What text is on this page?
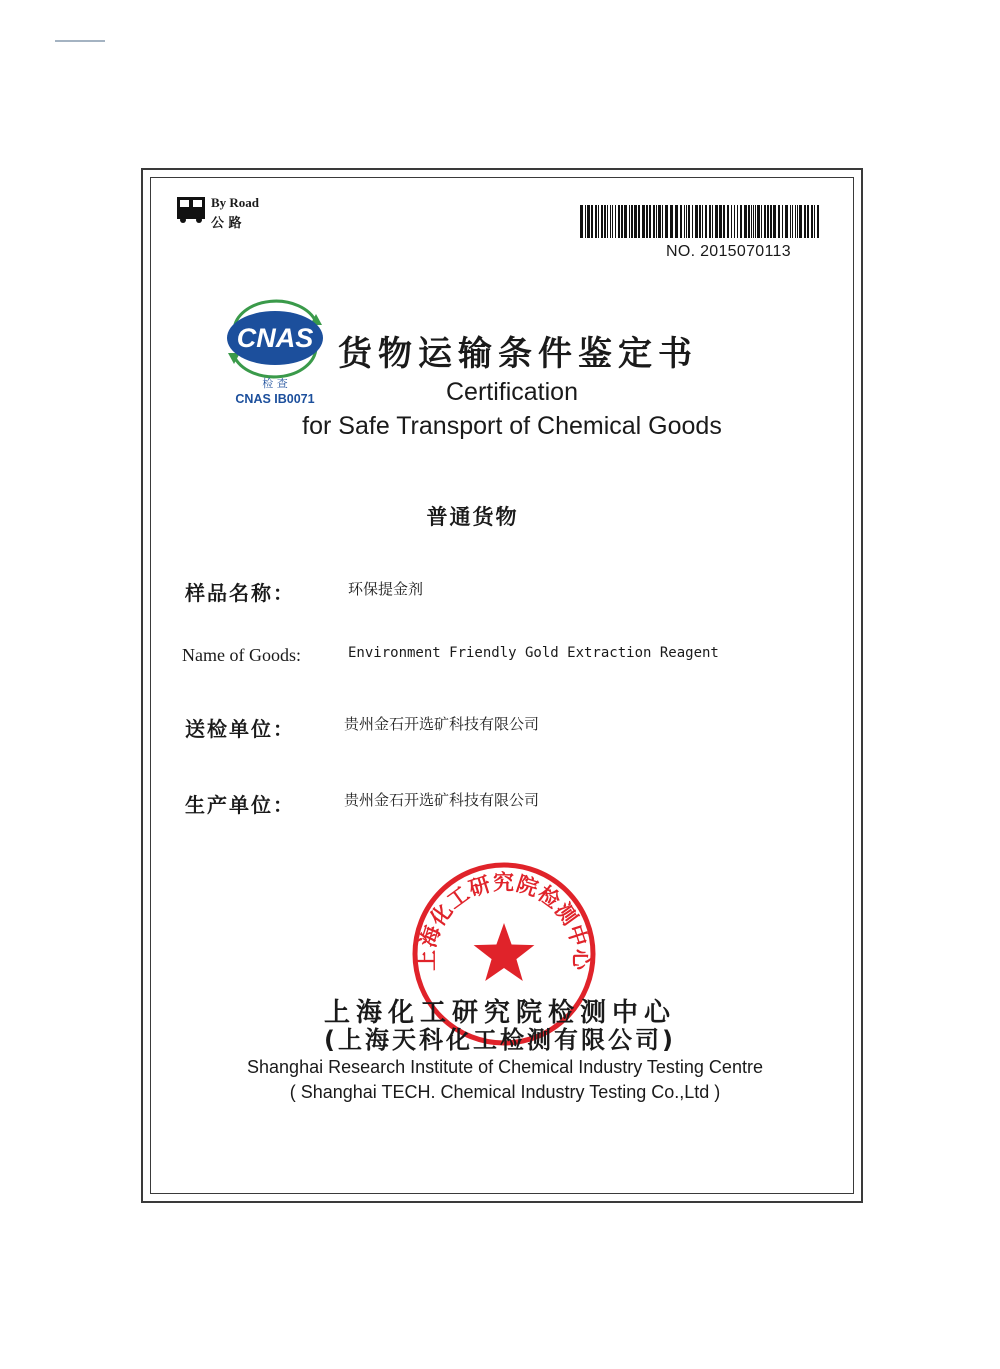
By Road
公 路
NO. 2015070113
CNAS
检 查
CNAS IB0071
货物运输条件鉴定书
Certification
for Safe Transport of Chemical Goods
普通货物
样品名称：	环保提金剂
Name of Goods:	Environment Friendly Gold Extraction Reagent
送检单位：	贵州金石开选矿科技有限公司
生产单位：	贵州金石开选矿科技有限公司
上海化工研究院检测中心
上海化工研究院检测中心
(上海天科化工检测有限公司)
Shanghai Research Institute of Chemical Industry Testing Centre
( Shanghai TECH. Chemical Industry Testing Co.,Ltd )
